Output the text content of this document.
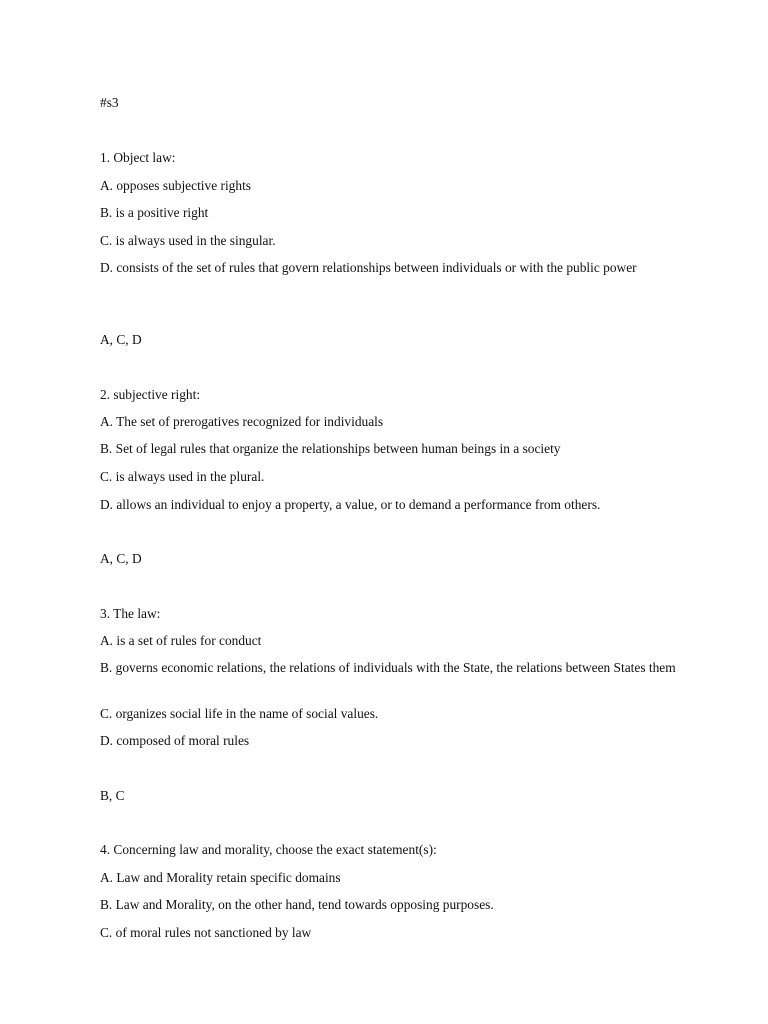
#s3
1. Object law:
A. opposes subjective rights
B. is a positive right
C. is always used in the singular.
D. consists of the set of rules that govern relationships between individuals or with the public power
A, C, D
2. subjective right:
A. The set of prerogatives recognized for individuals
B. Set of legal rules that organize the relationships between human beings in a society
C. is always used in the plural.
D. allows an individual to enjoy a property, a value, or to demand a performance from others.
A, C, D
3. The law:
A. is a set of rules for conduct
B. governs economic relations, the relations of individuals with the State, the relations between States them
C. organizes social life in the name of social values.
D. composed of moral rules
B, C
4. Concerning law and morality, choose the exact statement(s):
A. Law and Morality retain specific domains
B. Law and Morality, on the other hand, tend towards opposing purposes.
C. of moral rules not sanctioned by law
